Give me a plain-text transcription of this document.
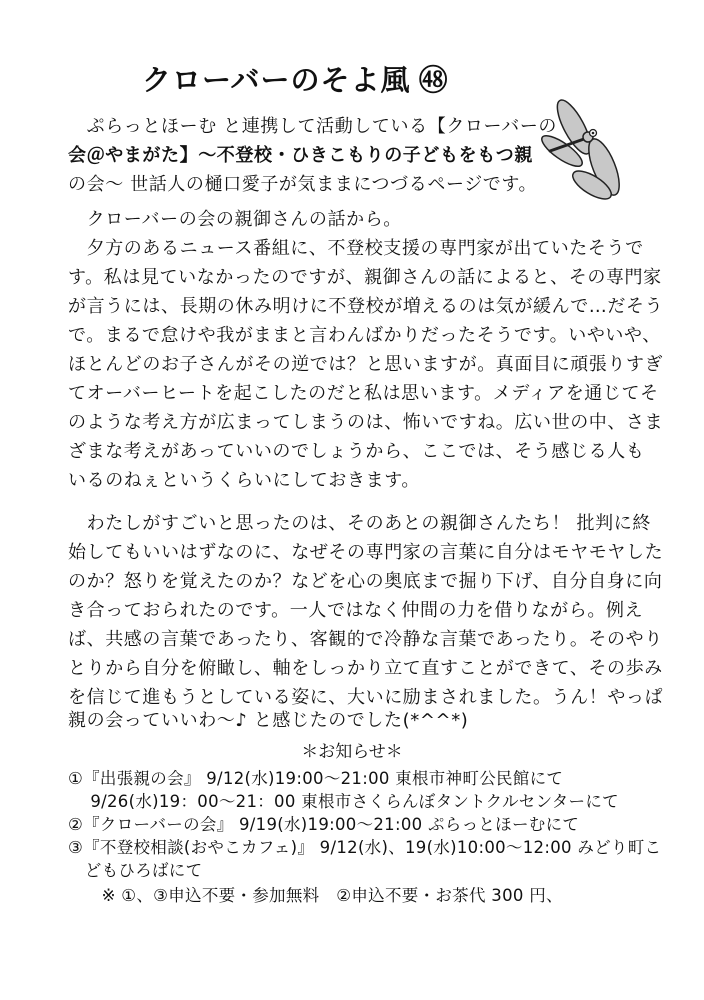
クローバーのそよ風 ㊽
　ぷらっとほーむ と連携して活動している【クローバーの
会＠やまがた】～不登校・ひきこもりの子どもをもつ親
の会～ 世話人の樋口愛子が気ままにつづるページです。
　クローバーの会の親御さんの話から。
　夕方のあるニュース番組に、不登校支援の専門家が出ていたそうで
す。私は見ていなかったのですが、親御さんの話によると、その専門家
が言うには、長期の休み明けに不登校が増えるのは気が緩んで…だそう
で。まるで怠けや我がままと言わんばかりだったそうです。いやいや、
ほとんどのお子さんがその逆では？と思いますが。真面目に頑張りすぎ
てオーバーヒートを起こしたのだと私は思います。メディアを通じてそ
のような考え方が広まってしまうのは、怖いですね。広い世の中、さま
ざまな考えがあっていいのでしょうから、ここでは、そう感じる人も
いるのねぇというくらいにしておきます。
　わたしがすごいと思ったのは、そのあとの親御さんたち！ 批判に終
始してもいいはずなのに、なぜその専門家の言葉に自分はモヤモヤした
のか？怒りを覚えたのか？などを心の奥底まで掘り下げ、自分自身に向
き合っておられたのです。一人ではなく仲間の力を借りながら。例え
ば、共感の言葉であったり、客観的で冷静な言葉であったり。そのやり
とりから自分を俯瞰し、軸をしっかり立て直すことができて、その歩み
を信じて進もうとしている姿に、大いに励まされました。うん！やっぱ
親の会っていいわ～♪ と感じたのでした(*^^*)
＊お知らせ＊
①『出張親の会』 9/12(水)19:00～21:00 東根市神町公民館にて
　 9/26(水)19：00～21：00 東根市さくらんぼタントクルセンターにて
②『クローバーの会』 9/19(水)19:00～21:00 ぷらっとほーむにて
③『不登校相談(おやこカフェ)』 9/12(水)、19(水)10:00～12:00 みどり町こ
　どもひろばにて
　　※ ①、③申込不要・参加無料　②申込不要・お茶代 300 円、
